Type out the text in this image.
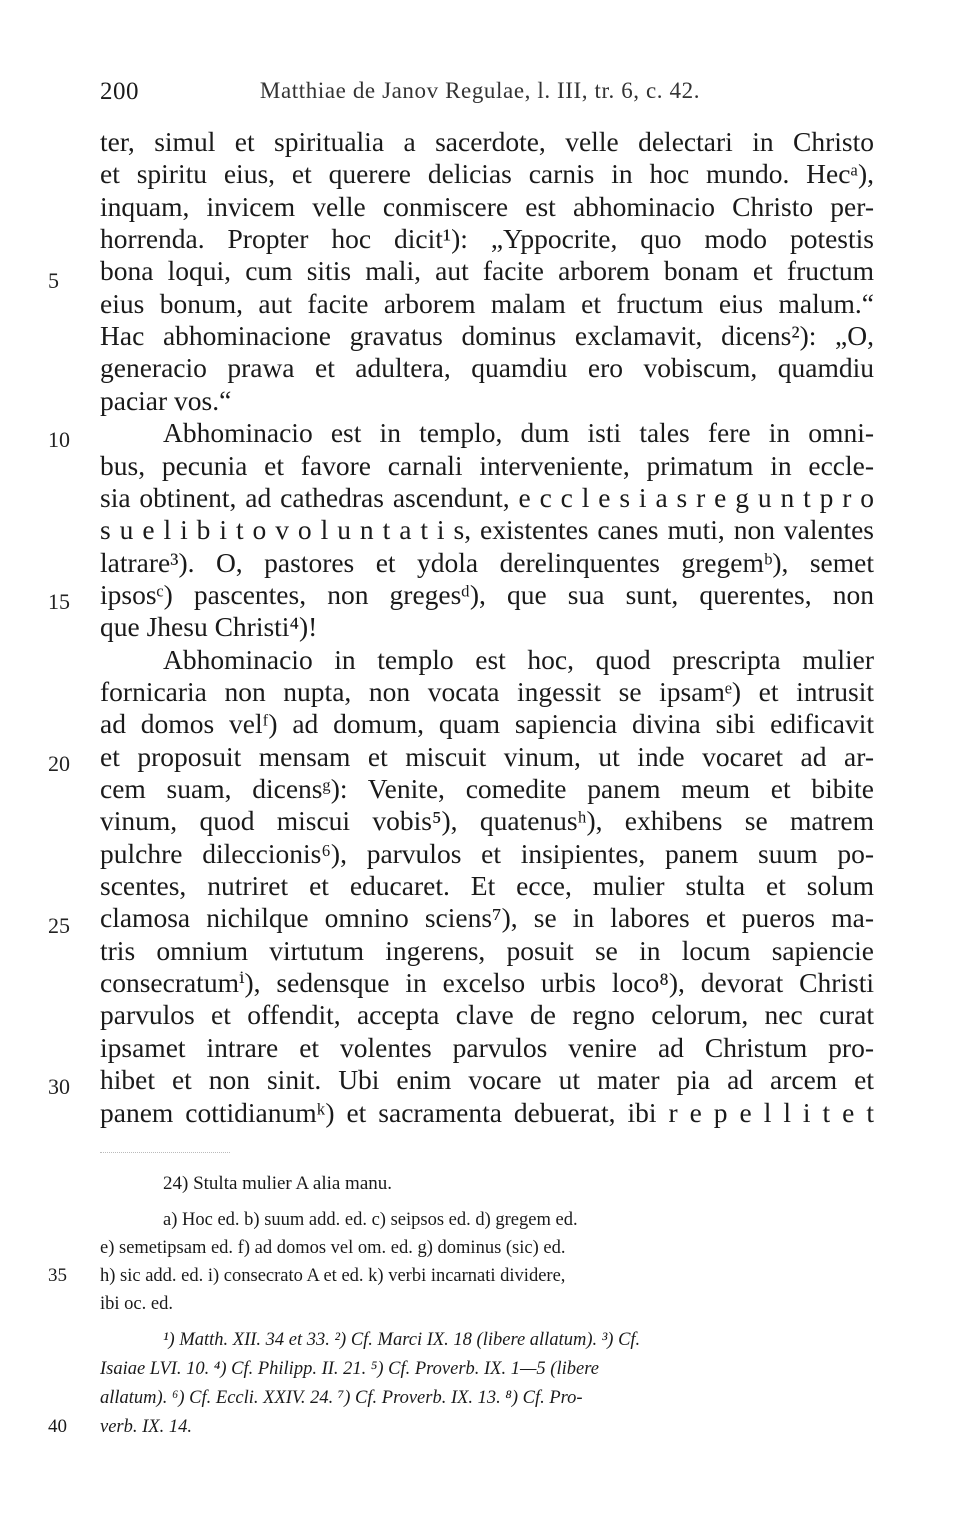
200	Matthiae de Janov Regulae, l. III, tr. 6, c. 42.
ter, simul et spiritualia a sacerdote, velle delectari in Christo
et spiritu eius, et querere delicias carnis in hoc mundo. Hecᵃ),
inquam, invicem velle conmiscere est abhominacio Christo per-
horrenda. Propter hoc dicit¹): „Yppocrite, quo modo potestis
bona loqui, cum sitis mali, aut facite arborem bonam et fructum
eius bonum, aut facite arborem malam et fructum eius malum.“
Hac abhominacione gravatus dominus exclamavit, dicens²): „O,
generacio prawa et adultera, quamdiu ero vobiscum, quamdiu
paciar vos.“
Abhominacio est in templo, dum isti tales fere in omni-
bus, pecunia et favore carnali interveniente, primatum in eccle-
sia obtinent, ad cathedras ascendunt, e c c l e s i a s r e g u n t p r o
s u e l i b i t o v o l u n t a t i s, existentes canes muti, non valentes
latrare³). O, pastores et ydola derelinquentes gregemᵇ), semet
ipsosᶜ) pascentes, non gregesᵈ), que sua sunt, querentes, non
que Jhesu Christi⁴)!
Abhominacio in templo est hoc, quod prescripta mulier
fornicaria non nupta, non vocata ingessit se ipsamᵉ) et intrusit
ad domos velᶠ) ad domum, quam sapiencia divina sibi edificavit
et proposuit mensam et miscuit vinum, ut inde vocaret ad ar-
cem suam, dicensᵍ): Venite, comedite panem meum et bibite
vinum, quod miscui vobis⁵), quatenusʰ), exhibens se matrem
pulchre dileccionis⁶), parvulos et insipientes, panem suum po-
scentes, nutriret et educaret. Et ecce, mulier stulta et solum
clamosa nichilque omnino sciens⁷), se in labores et pueros ma-
tris omnium virtutum ingerens, posuit se in locum sapiencie
consecratumⁱ), sedensque in excelso urbis loco⁸), devorat Christi
parvulos et offendit, accepta clave de regno celorum, nec curat
ipsamet intrare et volentes parvulos venire ad Christum pro-
hibet et non sinit. Ubi enim vocare ut mater pia ad arcem et
panem cottidianumᵏ) et sacramenta debuerat, ibi r e p e l l i t e t
5
10
15
20
25
30
24) Stulta mulier A alia manu.
a) Hoc ed. b) suum add. ed. c) seipsos ed. d) gregem ed.
e) semetipsam ed. f) ad domos vel om. ed. g) dominus (sic) ed.
35 h) sic add. ed. i) consecrato A et ed. k) verbi incarnati dividere,
ibi oc. ed.
¹) Matth. XII. 34 et 33. ²) Cf. Marci IX. 18 (libere allatum). ³) Cf.
Isaiae LVI. 10. ⁴) Cf. Philipp. II. 21. ⁵) Cf. Proverb. IX. 1—5 (libere
allatum). ⁶) Cf. Eccli. XXIV. 24. ⁷) Cf. Proverb. IX. 13. ⁸) Cf. Pro-
40 verb. IX. 14.
